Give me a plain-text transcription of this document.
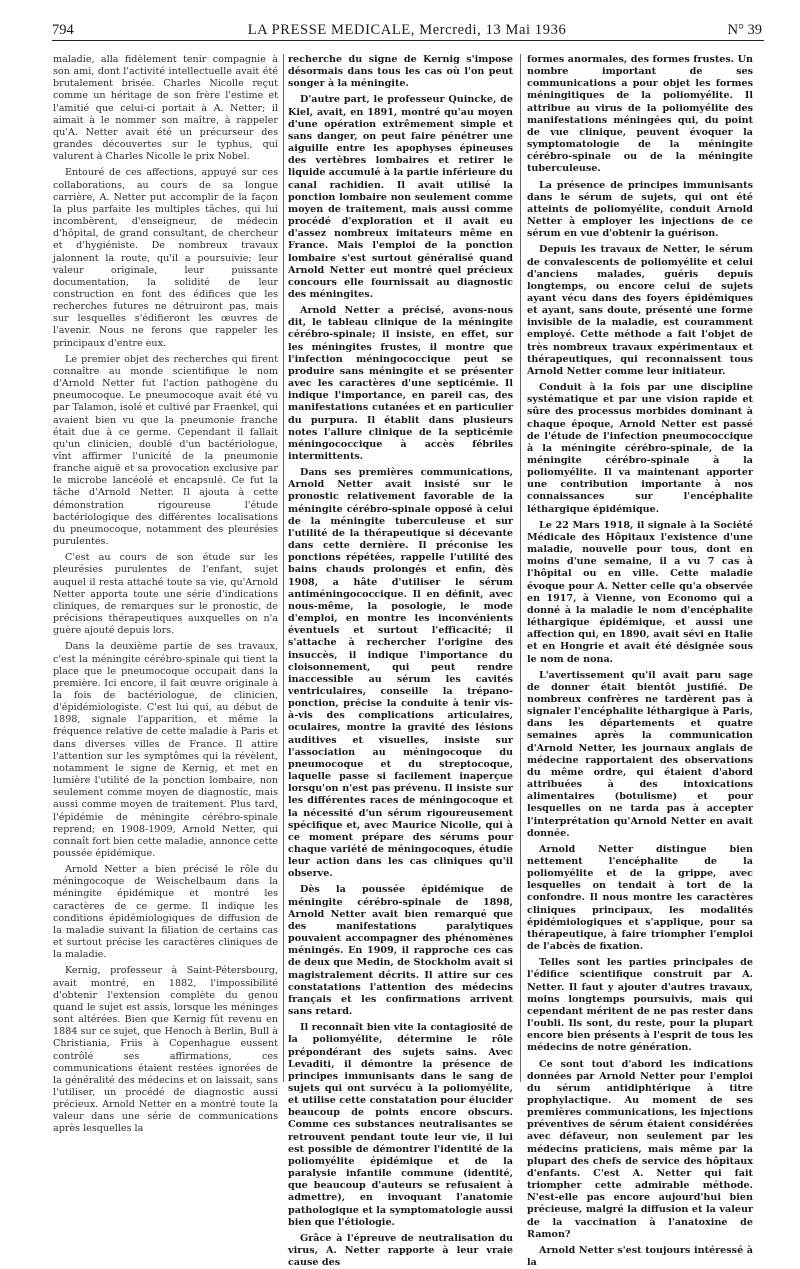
794	LA PRESSE MEDICALE, Mercredi, 13 Mai 1936	N° 39

maladie, alla fidèlement tenir compagnie à son ami, dont l'activité intellectuelle avait été brutalement brisée. Charles Nicolle reçut comme un héritage de son frère l'estime et l'amitié que celui-ci portait à A. Netter; il aimait à le nommer son maître, à rappeler qu'A. Netter avait été un précurseur des grandes découvertes sur le typhus, qui valurent à Charles Nicolle le prix Nobel.

Entouré de ces affections, appuyé sur ces collaborations, au cours de sa longue carrière, A. Netter put accomplir de la façon la plus parfaite les multiples tâches, qui lui incombèrent, d'enseigneur, de médecin d'hôpital, de grand consultant, de chercheur et d'hygiéniste. De nombreux travaux jalonnent la route, qu'il a poursuivie; leur valeur originale, leur puissante documentation, la solidité de leur construction en font des édifices que les recherches futures ne détruiront pas, mais sur lesquelles s'édifieront les œuvres de l'avenir. Nous ne ferons que rappeler les principaux d'entre eux.

Le premier objet des recherches qui firent connaître au monde scientifique le nom d'Arnold Netter fut l'action pathogène du pneumocoque. Le pneumocoque avait été vu par Talamon, isolé et cultivé par Fraenkel, qui avaient bien vu que la pneumonie franche était due à ce germe. Cependant il fallait qu'un clinicien, doublé d'un bactériologue, vînt affirmer l'unicité de la pneumonie franche aiguë et sa provocation exclusive par le microbe lancéolé et encapsulé. Ce fut la tâche d'Arnold Netter. Il ajouta à cette démonstration rigoureuse l'étude bactériologique des différentes localisations du pneumocoque, notamment des pleurésies purulentes.

C'est au cours de son étude sur les pleurésies purulentes de l'enfant, sujet auquel il resta attaché toute sa vie, qu'Arnold Netter apporta toute une série d'indications cliniques, de remarques sur le pronostic, de précisions thérapeutiques auxquelles on n'a guère ajouté depuis lors.

Dans la deuxième partie de ses travaux, c'est la méningite cérébro-spinale qui tient la place que le pneumocoque occupait dans la première. Ici encore, il fait œuvre originale à la fois de bactériologue, de clinicien, d'épidémiologiste. C'est lui qui, au début de 1898, signale l'apparition, et même la fréquence relative de cette maladie à Paris et dans diverses villes de France. Il attire l'attention sur les symptômes qui la révèlent, notamment le signe de Kernig, et met en lumière l'utilité de la ponction lombaire, non seulement comme moyen de diagnostic, mais aussi comme moyen de traitement. Plus tard, l'épidémie de méningite cérébro-spinale reprend; en 1908-1909, Arnold Netter, qui connaît fort bien cette maladie, annonce cette poussée épidémique.

Arnold Netter a bien précisé le rôle du méningocoque de Weischelbaum dans la méningite épidémique et montré les caractères de ce germe. Il indique les conditions épidémiologiques de diffusion de la maladie suivant la filiation de certains cas et surtout précise les caractères cliniques de la maladie.

Kernig, professeur à Saint-Pétersbourg, avait montré, en 1882, l'impossibilité d'obtenir l'extension complète du genou quand le sujet est assis, lorsque les méninges sont altérées. Bien que Kernig fût revenu en 1884 sur ce sujet, que Henoch à Berlin, Bull à Christiania, Friis à Copenhague eussent contrôlé ses affirmations, ces communications étaient restées ignorées de la généralité des médecins et on laissait, sans l'utiliser, un procédé de diagnostic aussi précieux. Arnold Netter en a montré toute la valeur dans une série de communications après lesquelles la

recherche du signe de Kernig s'impose désormais dans tous les cas où l'on peut songer à la méningite.

D'autre part, le professeur Quincke, de Kiel, avait, en 1891, montré qu'au moyen d'une opération extrêmement simple et sans danger, on peut faire pénétrer une aiguille entre les apophyses épineuses des vertèbres lombaires et retirer le liquide accumulé à la partie inférieure du canal rachidien. Il avait utilisé la ponction lombaire non seulement comme moyen de traitement, mais aussi comme procédé d'exploration et il avait eu d'assez nombreux imitateurs même en France. Mais l'emploi de la ponction lombaire s'est surtout généralisé quand Arnold Netter eut montré quel précieux concours elle fournissait au diagnostic des méningites.

Arnold Netter a précisé, avons-nous dit, le tableau clinique de la méningite cérébro-spinale; il insiste, en effet, sur les méningites frustes, il montre que l'infection méningococcique peut se produire sans méningite et se présenter avec les caractères d'une septicémie. Il indique l'importance, en pareil cas, des manifestations cutanées et en particulier du purpura. Il établit dans plusieurs notes l'allure clinique de la septicémie méningococcique à accès fébriles intermittents.

Dans ses premières communications, Arnold Netter avait insisté sur le pronostic relativement favorable de la méningite cérébro-spinale opposé à celui de la méningite tuberculeuse et sur l'utilité de la thérapeutique si décevante dans cette dernière. Il préconise les ponctions répétées, rappelle l'utilité des bains chauds prolongés et enfin, dès 1908, a hâte d'utiliser le sérum antiméningococcique. Il en définit, avec nous-même, la posologie, le mode d'emploi, en montre les inconvénients éventuels et surtout l'efficacité; il s'attache à rechercher l'origine des insuccès, il indique l'importance du cloisonnement, qui peut rendre inaccessible au sérum les cavités ventriculaires, conseille la trépano-ponction, précise la conduite à tenir vis-à-vis des complications articulaires, oculaires, montre la gravité des lésions auditives et visuelles, insiste sur l'association au méningocoque du pneumocoque et du streptocoque, laquelle passe si facilement inaperçue lorsqu'on n'est pas prévenu. Il insiste sur les différentes races de méningocoque et la nécessité d'un sérum rigoureusement spécifique et, avec Maurice Nicolle, qui à ce moment prépare des sérums pour chaque variété de méningocoques, étudie leur action dans les cas cliniques qu'il observe.

Dès la poussée épidémique de méningite cérébro-spinale de 1898, Arnold Netter avait bien remarqué que des manifestations paralytiques pouvaient accompagner des phénomènes méningés. En 1909, il rapproche ces cas de deux que Medin, de Stockholm avait si magistralement décrits. Il attire sur ces constatations l'attention des médecins français et les confirmations arrivent sans retard.

Il reconnaît bien vite la contagiosité de la poliomyélite, détermine le rôle prépondérant des sujets sains. Avec Levaditi, il démontre la présence de principes immunisants dans le sang de sujets qui ont survécu à la poliomyélite, et utilise cette constatation pour élucider beaucoup de points encore obscurs. Comme ces substances neutralisantes se retrouvent pendant toute leur vie, il lui est possible de démontrer l'identité de la poliomyélite épidémique et de la paralysie infantile commune (identité, que beaucoup d'auteurs se refusaient à admettre), en invoquant l'anatomie pathologique et la symptomatologie aussi bien que l'étiologie.

Grâce à l'épreuve de neutralisation du virus, A. Netter rapporte à leur vraie cause des

formes anormales, des formes frustes. Un nombre important de ses communications a pour objet les formes méningitiques de la poliomyélite. Il attribue au virus de la poliomyélite des manifestations méningées qui, du point de vue clinique, peuvent évoquer la symptomatologie de la méningite cérébro-spinale ou de la méningite tuberculeuse.

La présence de principes immunisants dans le sérum de sujets, qui ont été atteints de poliomyélite, conduit Arnold Netter à employer les injections de ce sérum en vue d'obtenir la guérison.

Depuis les travaux de Netter, le sérum de convalescents de poliomyélite et celui d'anciens malades, guéris depuis longtemps, ou encore celui de sujets ayant vécu dans des foyers épidémiques et ayant, sans doute, présenté une forme invisible de la maladie, est couramment employé. Cette méthode a fait l'objet de très nombreux travaux expérimentaux et thérapeutiques, qui reconnaissent tous Arnold Netter comme leur initiateur.

Conduit à la fois par une discipline systématique et par une vision rapide et sûre des processus morbides dominant à chaque époque, Arnold Netter est passé de l'étude de l'infection pneumococcique à la méningite cérébro-spinale, de la méningite cérébro-spinale à la poliomyélite. Il va maintenant apporter une contribution importante à nos connaissances sur l'encéphalite léthargique épidémique.

Le 22 Mars 1918, il signale à la Société Médicale des Hôpitaux l'existence d'une maladie, nouvelle pour tous, dont en moins d'une semaine, il a vu 7 cas à l'hôpital ou en ville. Cette maladie évoque pour A. Netter celle qu'a observée en 1917, à Vienne, von Economo qui a donné à la maladie le nom d'encéphalite léthargique épidémique, et aussi une affection qui, en 1890, avait sévi en Italie et en Hongrie et avait été désignée sous le nom de nona.

L'avertissement qu'il avait paru sage de donner était bientôt justifié. De nombreux confrères ne tardèrent pas à signaler l'encéphalite léthargique à Paris, dans les départements et quatre semaines après la communication d'Arnold Netter, les journaux anglais de médecine rapportaient des observations du même ordre, qui étaient d'abord attribuées à des intoxications alimentaires (botulisme) et pour lesquelles on ne tarda pas à accepter l'interprétation qu'Arnold Netter en avait donnée.

Arnold Netter distingue bien nettement l'encéphalite de la poliomyélite et de la grippe, avec lesquelles on tendait à tort de la confondre. Il nous montre les caractères cliniques principaux, les modalités épidémiologiques et s'applique, pour sa thérapeutique, à faire triompher l'emploi de l'abcès de fixation.

Telles sont les parties principales de l'édifice scientifique construit par A. Netter. Il faut y ajouter d'autres travaux, moins longtemps poursuivis, mais qui cependant méritent de ne pas rester dans l'oubli. Ils sont, du reste, pour la plupart encore bien présents à l'esprit de tous les médecins de notre génération.

Ce sont tout d'abord les indications données par Arnold Netter pour l'emploi du sérum antidiphtérique à titre prophylactique. Au moment de ses premières communications, les injections préventives de sérum étaient considérées avec défaveur, non seulement par les médecins praticiens, mais même par la plupart des chefs de service des hôpitaux d'enfants. C'est A. Netter qui fait triompher cette admirable méthode. N'est-elle pas encore aujourd'hui bien précieuse, malgré la diffusion et la valeur de la vaccination à l'anatoxine de Ramon?

Arnold Netter s'est toujours intéressé à la
